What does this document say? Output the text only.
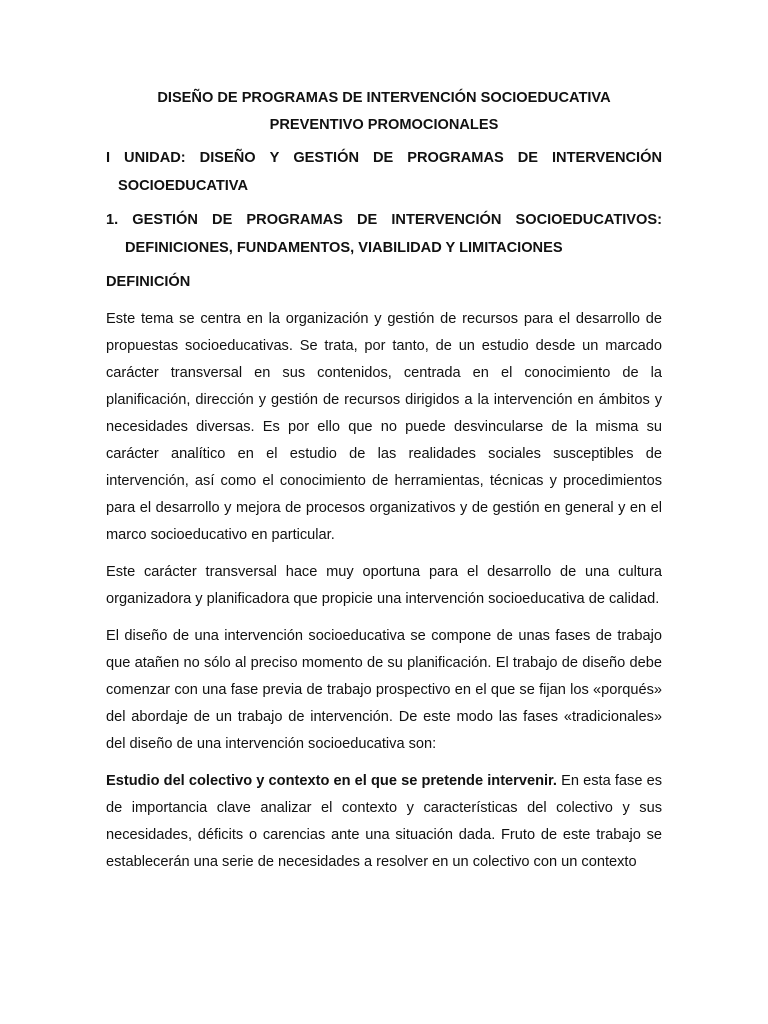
DISEÑO DE PROGRAMAS DE INTERVENCIÓN SOCIOEDUCATIVA
PREVENTIVO PROMOCIONALES
I UNIDAD: DISEÑO Y GESTIÓN DE PROGRAMAS DE INTERVENCIÓN
SOCIOEDUCATIVA
1. GESTIÓN DE PROGRAMAS DE INTERVENCIÓN SOCIOEDUCATIVOS:
DEFINICIONES, FUNDAMENTOS, VIABILIDAD Y LIMITACIONES
DEFINICIÓN

Este tema se centra en la organización y gestión de recursos para el desarrollo de propuestas socioeducativas. Se trata, por tanto, de un estudio desde un marcado carácter transversal en sus contenidos, centrada en el conocimiento de la planificación, dirección y gestión de recursos dirigidos a la intervención en ámbitos y necesidades diversas. Es por ello que no puede desvincularse de la misma su carácter analítico en el estudio de las realidades sociales susceptibles de intervención, así como el conocimiento de herramientas, técnicas y procedimientos para el desarrollo y mejora de procesos organizativos y de gestión en general y en el marco socioeducativo en particular.

Este carácter transversal hace muy oportuna para el desarrollo de una cultura organizadora y planificadora que propicie una intervención socioeducativa de calidad.

El diseño de una intervención socioeducativa se compone de unas fases de trabajo que atañen no sólo al preciso momento de su planificación. El trabajo de diseño debe comenzar con una fase previa de trabajo prospectivo en el que se fijan los «porqués» del abordaje de un trabajo de intervención. De este modo las fases «tradicionales» del diseño de una intervención socioeducativa son:

Estudio del colectivo y contexto en el que se pretende intervenir. En esta fase es de importancia clave analizar el contexto y características del colectivo y sus necesidades, déficits o carencias ante una situación dada. Fruto de este trabajo se establecerán una serie de necesidades a resolver en un colectivo con un contexto
